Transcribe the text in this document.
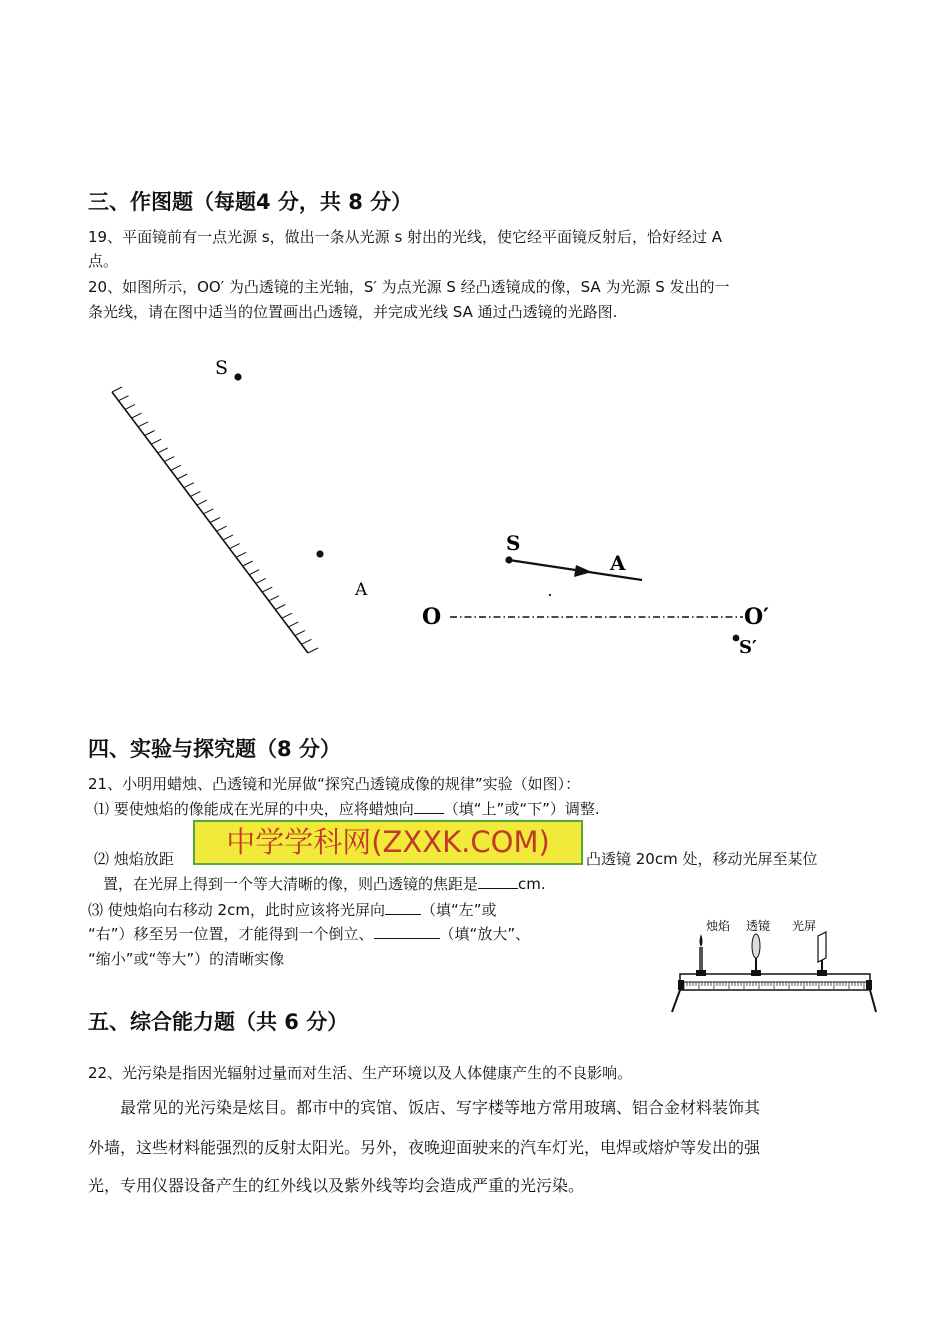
三、作图题（每题4 分，共 8 分）
19、平面镜前有一点光源 s，做出一条从光源 s 射出的光线，使它经平面镜反射后，恰好经过 A
点。
20、如图所示，OO′ 为凸透镜的主光轴，S′ 为点光源 S 经凸透镜成的像，SA 为光源 S 发出的一
条光线，请在图中适当的位置画出凸透镜，并完成光线 SA 通过凸透镜的光路图.
S
A
S
A
O	O′
S′
四、实验与探究题（8 分）
21、小明用蜡烛、凸透镜和光屏做“探究凸透镜成像的规律”实验（如图）：
⑴ 要使烛焰的像能成在光屏的中央，应将蜡烛向 （填“上”或“下”）调整.
⑵ 烛焰放距	凸透镜 20cm 处，移动光屏至某位
置，在光屏上得到一个等大清晰的像，则凸透镜的焦距是	cm.
⑶ 使烛焰向右移动 2cm，此时应该将光屏向 （填“左”或
“右”）移至另一位置，才能得到一个倒立、	（填“放大”、
“缩小”或“等大”）的清晰实像
中学学科网(ZXXK.COM)
烛焰 透镜 光屏
五、综合能力题（共 6 分）
22、光污染是指因光辐射过量而对生活、生产环境以及人体健康产生的不良影响。
最常见的光污染是炫目。都市中的宾馆、饭店、写字楼等地方常用玻璃、铝合金材料装饰其
外墙，这些材料能强烈的反射太阳光。另外，夜晚迎面驶来的汽车灯光，电焊或熔炉等发出的强
光，专用仪器设备产生的红外线以及紫外线等均会造成严重的光污染。
